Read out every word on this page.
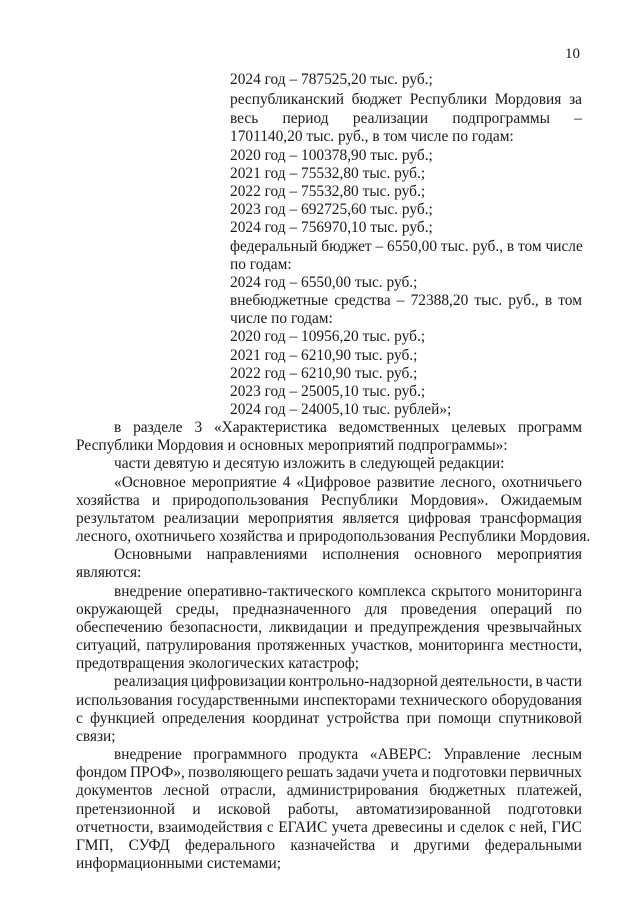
10
2024 год – 787525,20 тыс. руб.;
республиканский бюджет Республики Мордовия за
весь период реализации подпрограммы –
1701140,20 тыс. руб., в том числе по годам:
2020 год – 100378,90 тыс. руб.;
2021 год – 75532,80 тыс. руб.;
2022 год – 75532,80 тыс. руб.;
2023 год – 692725,60 тыс. руб.;
2024 год – 756970,10 тыс. руб.;
федеральный бюджет – 6550,00 тыс. руб., в том числе
по годам:
2024 год – 6550,00 тыс. руб.;
внебюджетные средства – 72388,20 тыс. руб., в том
числе по годам:
2020 год – 10956,20 тыс. руб.;
2021 год – 6210,90 тыс. руб.;
2022 год – 6210,90 тыс. руб.;
2023 год – 25005,10 тыс. руб.;
2024 год – 24005,10 тыс. рублей»;
в разделе 3 «Характеристика ведомственных целевых программ
Республики Мордовия и основных мероприятий подпрограммы»:
части девятую и десятую изложить в следующей редакции:
«Основное мероприятие 4 «Цифровое развитие лесного, охотничьего
хозяйства и природопользования Республики Мордовия». Ожидаемым
результатом реализации мероприятия является цифровая трансформация
лесного, охотничьего хозяйства и природопользования Республики Мордовия.
Основными направлениями исполнения основного мероприятия
являются:
внедрение оперативно-тактического комплекса скрытого мониторинга
окружающей среды, предназначенного для проведения операций по
обеспечению безопасности, ликвидации и предупреждения чрезвычайных
ситуаций, патрулирования протяженных участков, мониторинга местности,
предотвращения экологических катастроф;
реализация цифровизации контрольно-надзорной деятельности, в части
использования государственными инспекторами технического оборудования
с функцией определения координат устройства при помощи спутниковой
связи;
внедрение программного продукта «АВЕРС: Управление лесным
фондом ПРОФ», позволяющего решать задачи учета и подготовки первичных
документов лесной отрасли, администрирования бюджетных платежей,
претензионной и исковой работы, автоматизированной подготовки
отчетности, взаимодействия с ЕГАИС учета древесины и сделок с ней, ГИС
ГМП, СУФД федерального казначейства и другими федеральными
информационными системами;
